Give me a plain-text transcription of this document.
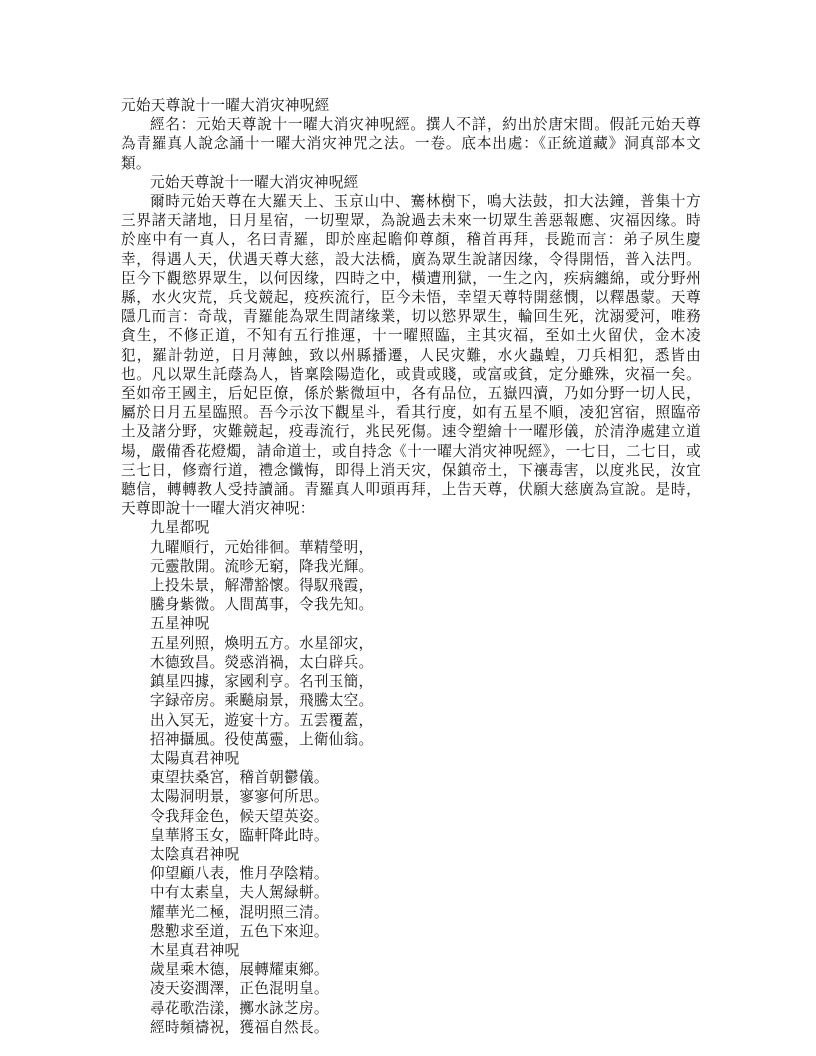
元始天尊說十一曜大消灾神呪經

經名：元始天尊說十一曜大消灾神呪經。撰人不詳，約出於唐宋間。假託元始天尊為青羅真人說念誦十一曜大消灾神咒之法。一卷。底本出處：《正統道藏》洞真部本文類。

元始天尊說十一曜大消灾神呪經

爾時元始天尊在大羅天上、玉京山中、騫林樹下，鳴大法鼓，扣大法鐘，普集十方三界諸天諸地，日月星宿，一切聖眾，為說過去未來一切眾生善惡報應、灾福因缘。時於座中有一真人，名曰青羅，即於座起瞻仰尊顏，稽首再拜，長跪而言：弟子夙生慶幸，得遇人天，伏遇天尊大慈，設大法橋，廣為眾生說諸因缘，令得開悟，普入法門。臣今下觀慾界眾生，以何因缘，四時之中，橫遭刑獄，一生之內，疾病纏綿，或分野州縣，水火灾荒，兵戈競起，疫疾流行，臣今未悟，幸望天尊特開慈憫，以釋愚蒙。天尊隱几而言：奇哉，青羅能為眾生問諸缘業，切以慾界眾生，輪回生死，沈溺愛河，唯務貪生，不修正道，不知有五行推運，十一曜照臨，主其灾福，至如土火留伏，金木凌犯，羅計勃逆，日月薄蝕，致以州縣播遷，人民灾難，水火蟲蝗，刀兵相犯，悉皆由也。凡以眾生託蔭為人，皆稟陰陽造化，或貴或賤，或富或貧，定分雖殊，灾福一矣。至如帝王國主，后妃臣僚，係於紫微垣中，各有品位，五嶽四瀆，乃如分野一切人民，屬於日月五星臨照。吾今示汝下觀星斗，看其行度，如有五星不順，凌犯宮宿，照臨帝土及諸分野，灾難競起，疫毒流行，兆民死傷。速令塑繪十一曜形儀，於清浄處建立道場，嚴備香花燈燭，請命道士，或自持念《十一曜大消灾神呪經》，一七日，二七日，或三七日，修齋行道，禮念懺悔，即得上消天灾，保鎮帝土，下禳毒害，以度兆民，汝宜聽信，轉轉教人受持讀誦。青羅真人叩頭再拜，上告天尊，伏願大慈廣為宣說。是時，天尊即說十一曜大消灾神呪：

九星都呪

九曜順行，元始徘徊。華精瑩明，

元靈散開。流昣无窮，降我光輝。

上投朱景，解滯豁懷。得馭飛霞，

騰身紫微。人間萬事，令我先知。

五星神呪

五星列照，煥明五方。水星卻灾，

木德致昌。熒惑消禍，太白辟兵。

鎮星四據，家國利亨。名刊玉簡，

字録帝房。乘飈扇景，飛騰太空。

出入冥无，遊宴十方。五雲覆蓋，

招神攝風。役使萬靈，上衛仙翁。

太陽真君神呪

東望扶桑宮，稽首朝鬱儀。

太陽洞明景，寥寥何所思。

令我拜金色，候天望英姿。

皇華將玉女，臨軒降此時。

太陰真君神呪

仰望顧八表，惟月孕陰精。

中有太素皇，夫人駕緑軿。

耀華光二極，混明照三清。

慇懃求至道，五色下來迎。

木星真君神呪

歲星乘木德，展轉耀東鄉。

凌天姿潤澤，正色混明皇。

尋花歌浩漾，擲水詠芝房。

經時頻禱祝，獲福自然長。
